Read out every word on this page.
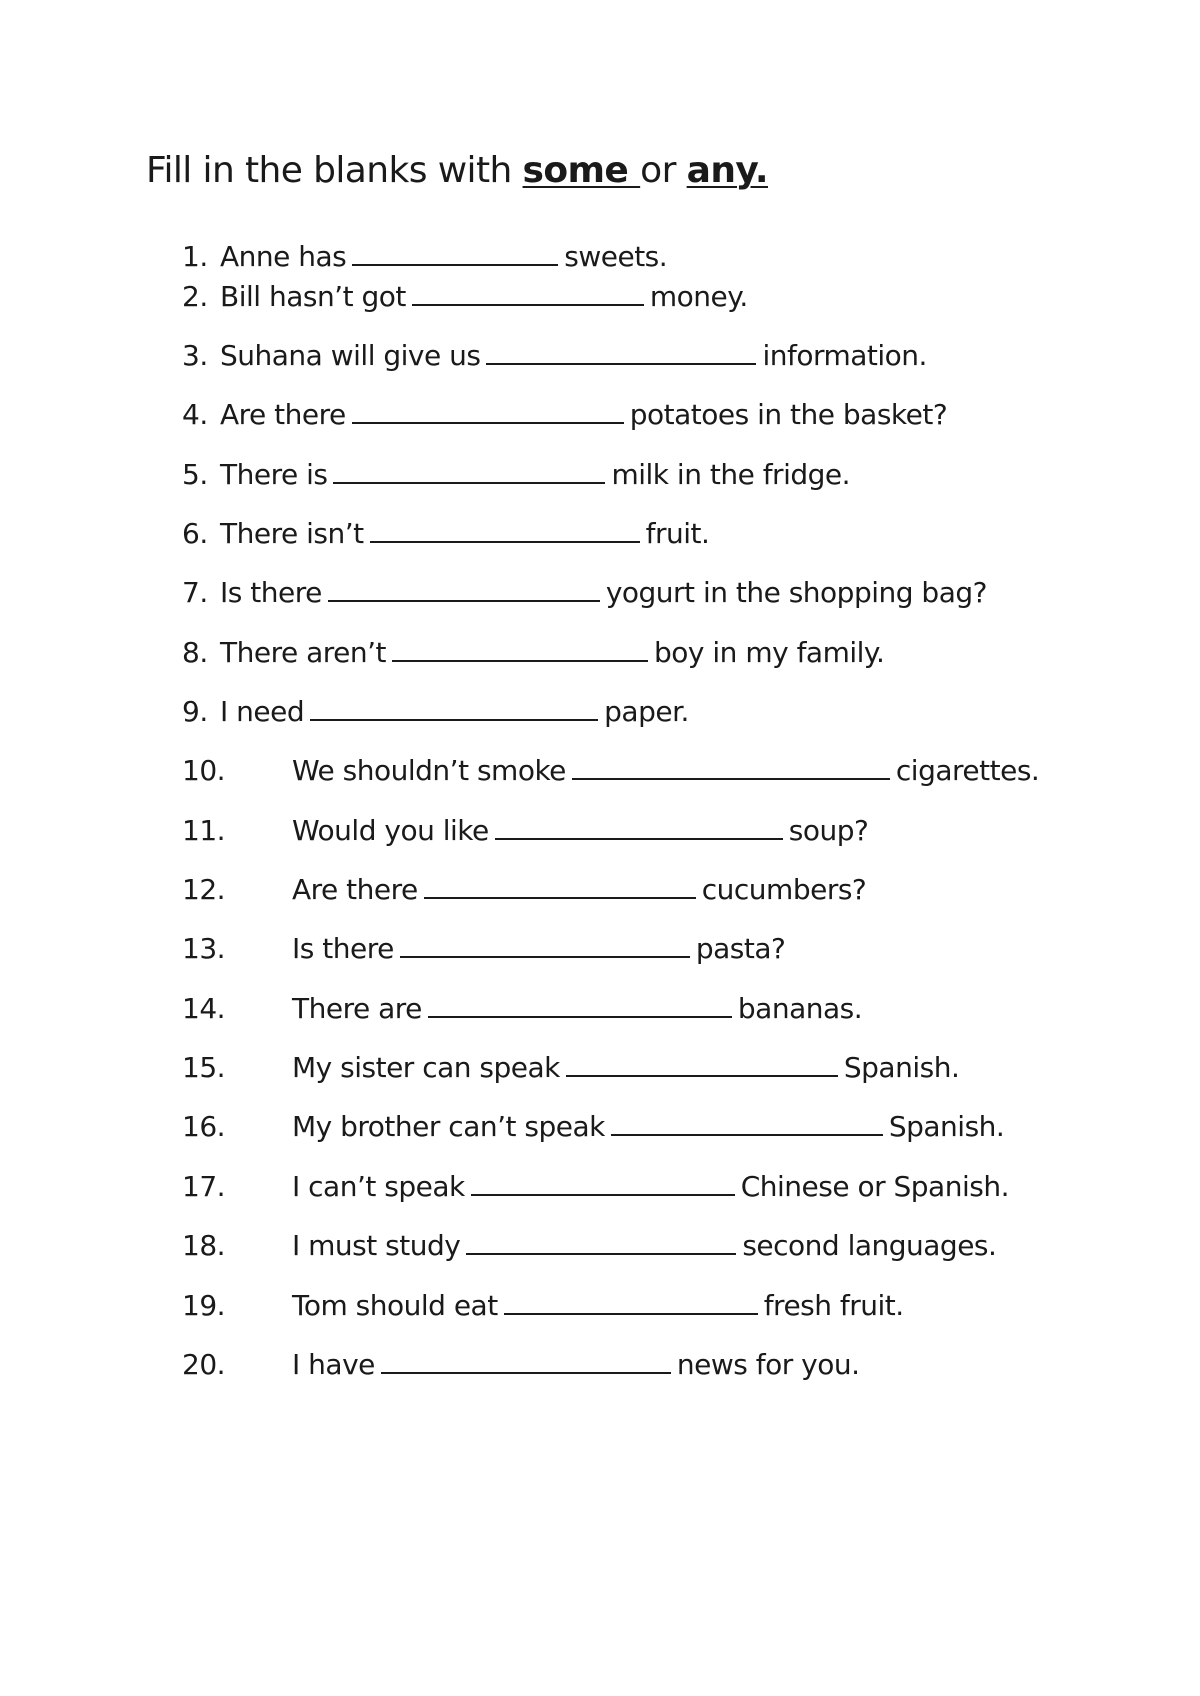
Fill in the blanks with some or any.
1. Anne has	sweets.
2. Bill hasn’t got	money.
3. Suhana will give us	information.
4. Are there	potatoes in the basket?
5. There is	milk in the fridge.
6. There isn’t	fruit.
7. Is there	yogurt in the shopping bag?
8. There aren’t	boy in my family.
9. I need	paper.
10. We shouldn’t smoke	cigarettes.
11. Would you like	soup?
12. Are there	cucumbers?
13. Is there	pasta?
14. There are	bananas.
15. My sister can speak	Spanish.
16. My brother can’t speak	Spanish.
17. I can’t speak	Chinese or Spanish.
18. I must study	second languages.
19. Tom should eat	fresh fruit.
20. I have	news for you.
